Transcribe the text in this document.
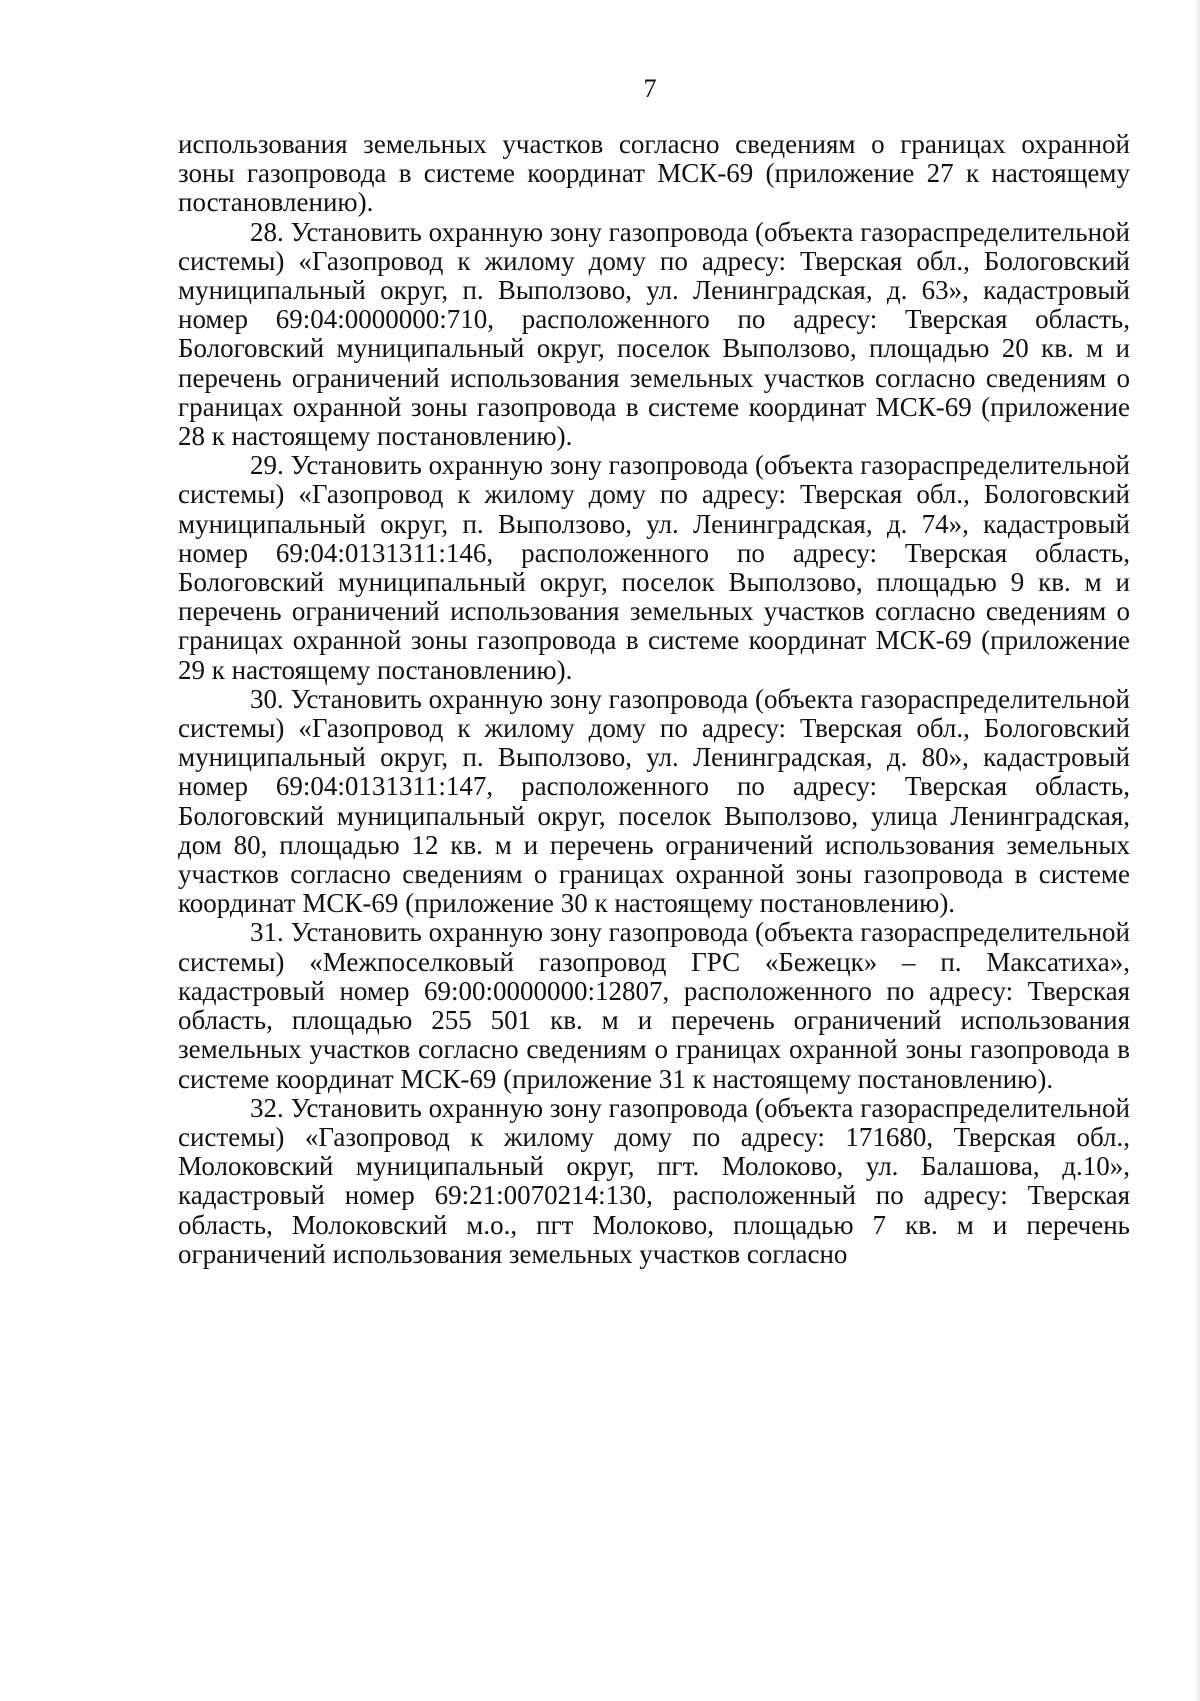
7

использования земельных участков согласно сведениям о границах охранной зоны газопровода в системе координат МСК-69 (приложение 27 к настоящему постановлению).

28. Установить охранную зону газопровода (объекта газораспределительной системы) «Газопровод к жилому дому по адресу: Тверская обл., Бологовский муниципальный округ, п. Выползово, ул. Ленинградская, д. 63», кадастровый номер 69:04:0000000:710, расположенного по адресу: Тверская область, Бологовский муниципальный округ, поселок Выползово, площадью 20 кв. м и перечень ограничений использования земельных участков согласно сведениям о границах охранной зоны газопровода в системе координат МСК-69 (приложение 28 к настоящему постановлению).

29. Установить охранную зону газопровода (объекта газораспределительной системы) «Газопровод к жилому дому по адресу: Тверская обл., Бологовский муниципальный округ, п. Выползово, ул. Ленинградская, д. 74», кадастровый номер 69:04:0131311:146, расположенного по адресу: Тверская область, Бологовский муниципальный округ, поселок Выползово, площадью 9 кв. м и перечень ограничений использования земельных участков согласно сведениям о границах охранной зоны газопровода в системе координат МСК-69 (приложение 29 к настоящему постановлению).

30. Установить охранную зону газопровода (объекта газораспределительной системы) «Газопровод к жилому дому по адресу: Тверская обл., Бологовский муниципальный округ, п. Выползово, ул. Ленинградская, д. 80», кадастровый номер 69:04:0131311:147, расположенного по адресу: Тверская область, Бологовский муниципальный округ, поселок Выползово, улица Ленинградская, дом 80, площадью 12 кв. м и перечень ограничений использования земельных участков согласно сведениям о границах охранной зоны газопровода в системе координат МСК-69 (приложение 30 к настоящему постановлению).

31. Установить охранную зону газопровода (объекта газораспределительной системы) «Межпоселковый газопровод ГРС «Бежецк» – п. Максатиха», кадастровый номер 69:00:0000000:12807, расположенного по адресу: Тверская область, площадью 255 501 кв. м и перечень ограничений использования земельных участков согласно сведениям о границах охранной зоны газопровода в системе координат МСК-69 (приложение 31 к настоящему постановлению).

32. Установить охранную зону газопровода (объекта газораспределительной системы) «Газопровод к жилому дому по адресу: 171680, Тверская обл., Молоковский муниципальный округ, пгт. Молоково, ул. Балашова, д.10», кадастровый номер 69:21:0070214:130, расположенный по адресу: Тверская область, Молоковский м.о., пгт Молоково, площадью 7 кв. м и перечень ограничений использования земельных участков согласно
